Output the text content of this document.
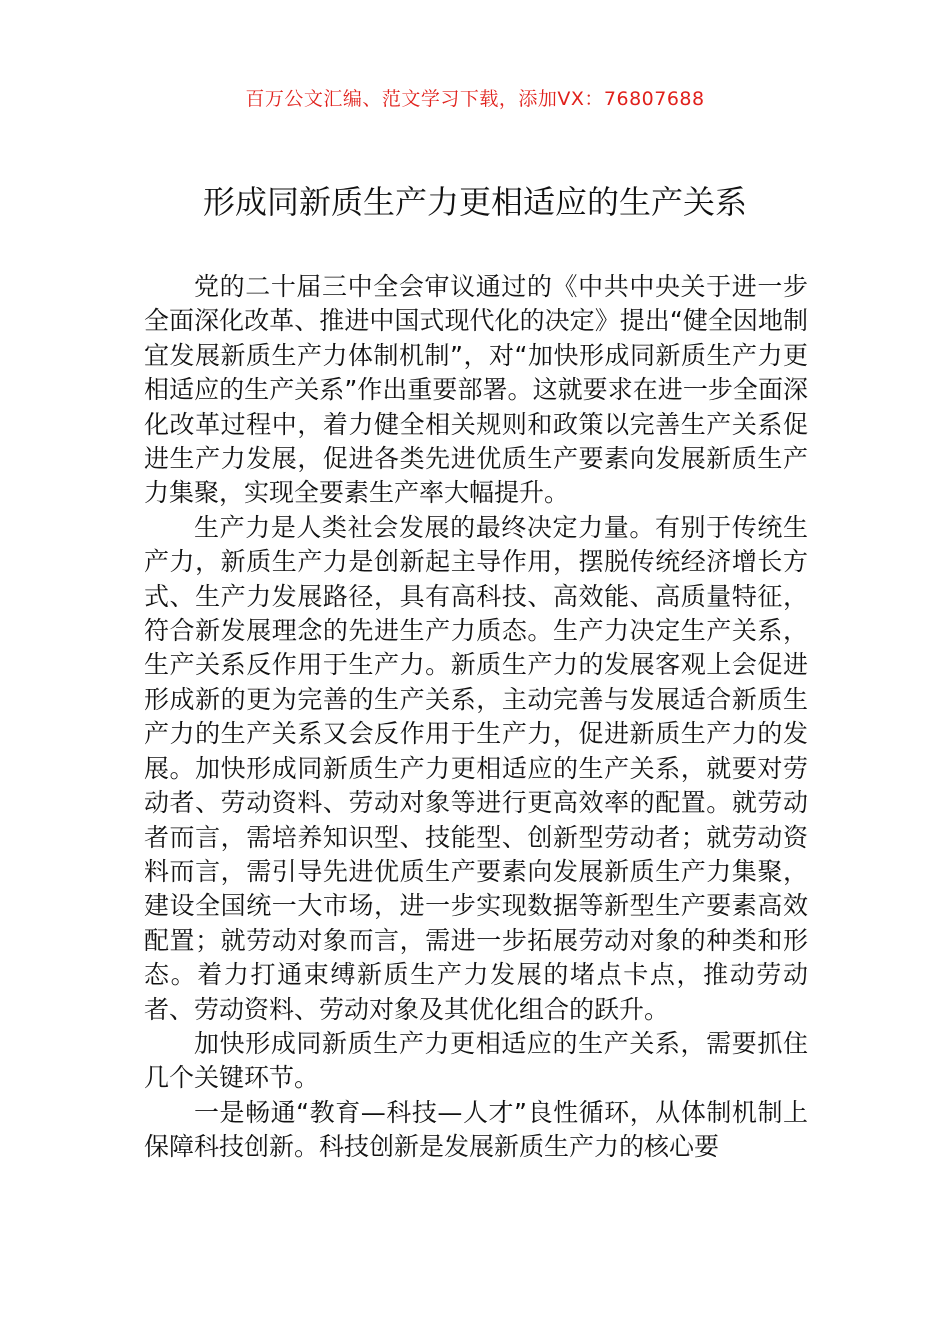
百万公文汇编、范文学习下载，添加VX：76807688
形成同新质生产力更相适应的生产关系

党的二十届三中全会审议通过的《中共中央关于进一步全面深化改革、推进中国式现代化的决定》提出“健全因地制宜发展新质生产力体制机制”，对“加快形成同新质生产力更相适应的生产关系”作出重要部署。这就要求在进一步全面深化改革过程中，着力健全相关规则和政策以完善生产关系促进生产力发展，促进各类先进优质生产要素向发展新质生产力集聚，实现全要素生产率大幅提升。

生产力是人类社会发展的最终决定力量。有别于传统生产力，新质生产力是创新起主导作用，摆脱传统经济增长方式、生产力发展路径，具有高科技、高效能、高质量特征，符合新发展理念的先进生产力质态。生产力决定生产关系，生产关系反作用于生产力。新质生产力的发展客观上会促进形成新的更为完善的生产关系，主动完善与发展适合新质生产力的生产关系又会反作用于生产力，促进新质生产力的发展。加快形成同新质生产力更相适应的生产关系，就要对劳动者、劳动资料、劳动对象等进行更高效率的配置。就劳动者而言，需培养知识型、技能型、创新型劳动者；就劳动资料而言，需引导先进优质生产要素向发展新质生产力集聚，建设全国统一大市场，进一步实现数据等新型生产要素高效配置；就劳动对象而言，需进一步拓展劳动对象的种类和形态。着力打通束缚新质生产力发展的堵点卡点，推动劳动者、劳动资料、劳动对象及其优化组合的跃升。

加快形成同新质生产力更相适应的生产关系，需要抓住几个关键环节。

一是畅通“教育—科技—人才”良性循环，从体制机制上保障科技创新。科技创新是发展新质生产力的核心要
